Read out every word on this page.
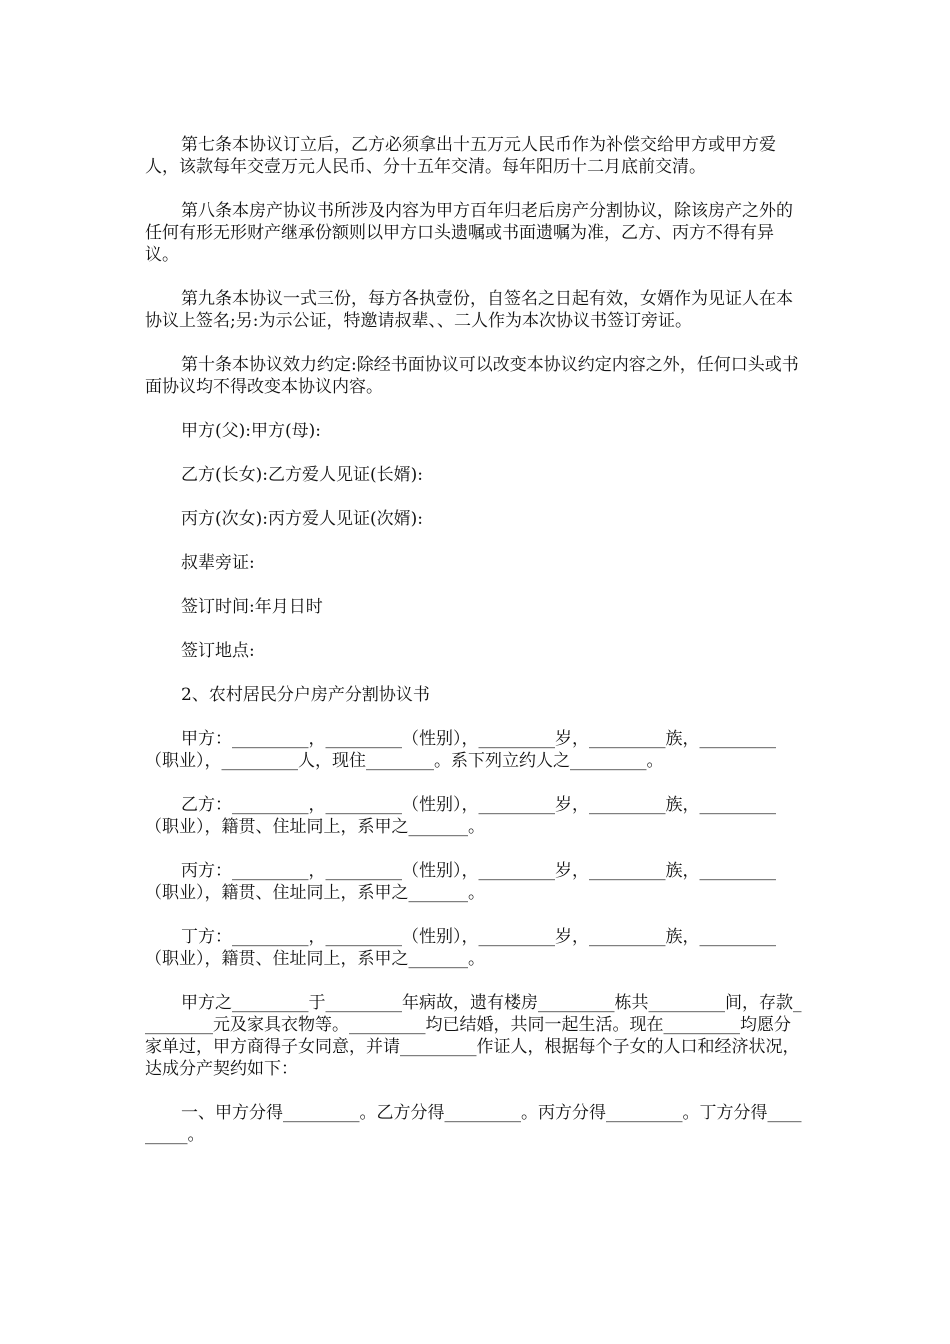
第七条本协议订立后，乙方必须拿出十五万元人民币作为补偿交给甲方或甲方爱人，该款每年交壹万元人民币、分十五年交清。每年阳历十二月底前交清。

第八条本房产协议书所涉及内容为甲方百年归老后房产分割协议，除该房产之外的任何有形无形财产继承份额则以甲方口头遗嘱或书面遗嘱为准，乙方、丙方不得有异议。

第九条本协议一式三份，每方各执壹份，自签名之日起有效，女婿作为见证人在本协议上签名;另:为示公证，特邀请叔辈、、二人作为本次协议书签订旁证。

第十条本协议效力约定:除经书面协议可以改变本协议约定内容之外，任何口头或书面协议均不得改变本协议内容。

甲方(父):甲方(母):

乙方(长女):乙方爱人见证(长婿):

丙方(次女):丙方爱人见证(次婿):

叔辈旁证:

签订时间:年月日时

签订地点:

2、农村居民分户房产分割协议书

甲方：_________，_________（性别），_________岁，_________族，_________（职业），_________人，现住________。系下列立约人之_________。

乙方：_________，_________（性别），_________岁，_________族，_________（职业），籍贯、住址同上，系甲之_______。

丙方：_________，_________（性别），_________岁，_________族，_________（职业），籍贯、住址同上，系甲之_______。

丁方：_________，_________（性别），_________岁，_________族，_________（职业），籍贯、住址同上，系甲之_______。

甲方之_________于_________年病故，遗有楼房_________栋共_________间，存款_________元及家具衣物等。_________均已结婚，共同一起生活。现在_________均愿分家单过，甲方商得子女同意，并请_________作证人，根据每个子女的人口和经济状况，达成分产契约如下：

一、甲方分得_________。乙方分得_________。丙方分得_________。丁方分得_________。
